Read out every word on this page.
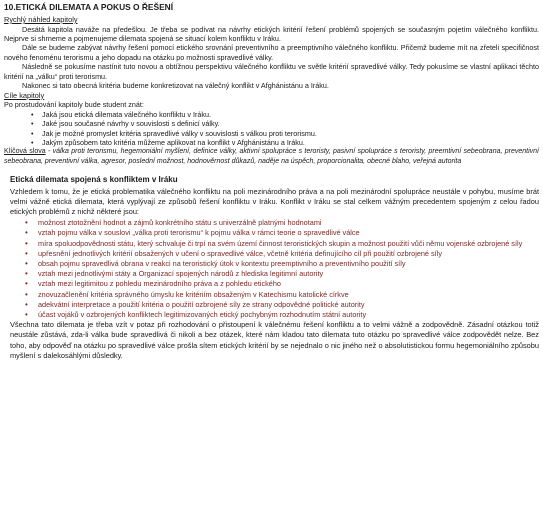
10.ETICKÁ DILEMATA A POKUS O ŘEŠENÍ

Rychlý náhled kapitoly

Desátá kapitola naváže na předešlou. Je třeba se podívat na návrhy etických kritérií řešení problémů spojených se současným pojetím válečného konfliktu. Nejprve si shrneme a pojmenujeme dilemata spojená se situací kolem konfliktu v Iráku.

Dále se budeme zabývat návrhy řešení pomocí etického srovnání preventivního a preemptivního válečného konfliktu. Přičemž budeme mít na zřeteli specifičnost nového fenoménu terorismu a jeho dopadu na otázku po možnosti spravedlivé války.

Následně se pokusíme nastínit tuto novou a obtížnou perspektivu válečného konfliktu ve světle kritérií spravedlivé války. Tedy pokusíme se vlastní aplikaci těchto kritérií na „válku“ proti terorismu.

Nakonec si tato obecná kritéria budeme konkretizovat na válečný konflikt v Afghánistánu a Iráku.

Cíle kapitoly

Po prostudování kapitoly bude student znát:

• Jaká jsou etická dilemata válečného konfliktu v Iráku.
• Jaké jsou současné návrhy v souvislosti s definicí války.
• Jak je možné promyslet kritéria spravedlivé války v souvislosti s válkou proti terorismu.
• Jakým způsobem tato kritéria můžeme aplikovat na konflikt v Afghánistánu a Iráku.

Klíčová slova - válka proti terorismu, hegemoniální myšlení, definice války, aktivní spolupráce s teroristy, pasivní spolupráce s teroristy, preemtivní sebeobrana, preventivní sebeobrana, preventivní válka, agresor, poslední možnost, hodnověrnost důkazů, naděje na úspěch, proporcionalita, obecné blaho, veřejná autorita

Etická dilemata spojená s konfliktem v Iráku

Vzhledem k tomu, že je etická problematika válečného konfliktu na poli mezinárodního práva a na poli mezinárodní spolupráce neustále v pohybu, musíme brát velmi vážně etická dilemata, která vyplývají ze způsobů řešení konfliktu v Iráku. Konflikt v Iráku se stal celkem vážným precedentem spojeným z celou řadou etických problémů z nichž některé jsou:

• možnost ztotožnění hodnot a zájmů konkrétního státu s univerzálně platnými hodnotami
• vztah pojmu válka v souslovi „válka proti terorismu“ k pojmu válka v rámci teorie o spravedlivé válce
• míra spoluodpovědnosti státu, který schvaluje či trpí na svém území činnost teroristických skupin a možnost použití vůči němu vojenské ozbrojené síly
• upřesnění jednotlivých kritérií obsažených v učení o spravedlivé válce, včetně kritéria definujícího cíl při použití ozbrojené síly
• obsah pojmu spravedlivá obrana v reakci na teroristický útok v kontextu preemptivního a preventivního použití síly
• vztah mezi jednotlivými státy a Organizací spojených národů z hlediska legitimní autority
• vztah mezi legitimitou z pohledu mezinárodního práva a z pohledu etického
• znovuzačlenění kritéria správného úmyslu ke kritériím obsaženým v Katechismu katolické církve
• adekvátní interpretace a použití kritéria o použití ozbrojené síly ze strany odpovědné politické autority
• účast vojáků v ozbrojených konfliktech legitimizovaných etický pochybným rozhodnutím státní autority

Všechna tato dilemata je třeba vzít v potaz při rozhodování o přistoupení k válečnému řešení konfliktu a to velmi vážně a zodpovědně. Zásadní otázkou totiž neustále zůstává, zda-li válka bude spravedlivá či nikoli a bez otázek, které nám kladou tato dilemata tuto otázku po spravedlivé válce zodpovědět nelze. Bez toho, aby odpověď na otázku po spravedlivé válce prošla sítem etických kritérií by se nejednalo o nic jiného než o absolutistickou formu hegemoniálního způsobu myšlení s dalekosáhlými důsledky.
